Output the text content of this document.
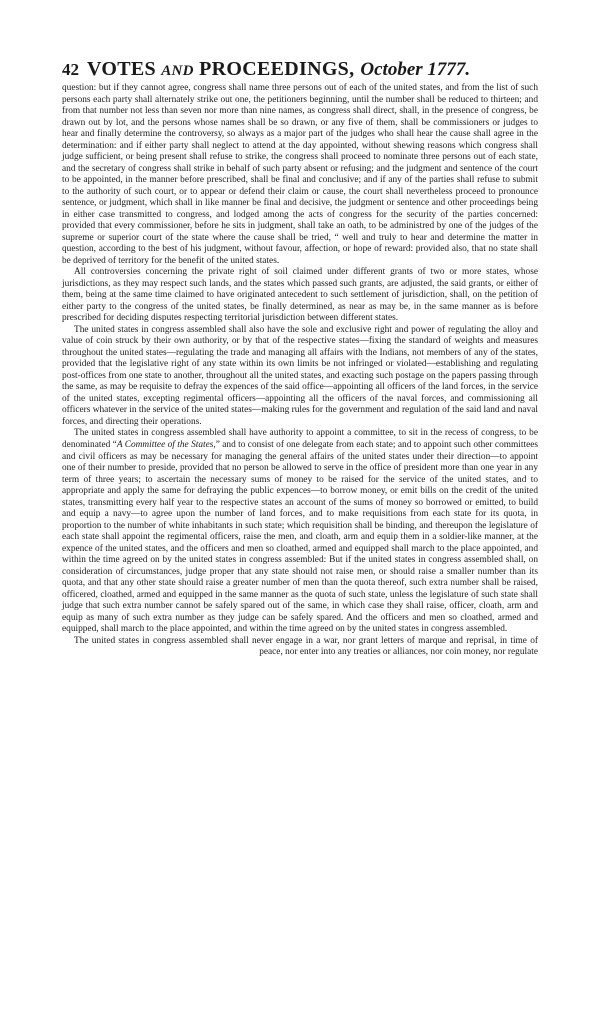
42 VOTES AND PROCEEDINGS, October 1777.

question: but if they cannot agree, congress shall name three persons out of each of the united states, and from the list of such persons each party shall alternately strike out one, the petitioners beginning, until the number shall be reduced to thirteen; and from that number not less than seven nor more than nine names, as congress shall direct, shall, in the presence of congress, be drawn out by lot, and the persons whose names shall be so drawn, or any five of them, shall be commissioners or judges to hear and finally determine the controversy, so always as a major part of the judges who shall hear the cause shall agree in the determination: and if either party shall neglect to attend at the day appointed, without shewing reasons which congress shall judge sufficient, or being present shall refuse to strike, the congress shall proceed to nominate three persons out of each state, and the secretary of congress shall strike in behalf of such party absent or refusing; and the judgment and sentence of the court to be appointed, in the manner before prescribed, shall be final and conclusive; and if any of the parties shall refuse to submit to the authority of such court, or to appear or defend their claim or cause, the court shall nevertheless proceed to pronounce sentence, or judgment, which shall in like manner be final and decisive, the judgment or sentence and other proceedings being in either case transmitted to congress, and lodged among the acts of congress for the security of the parties concerned: provided that every commissioner, before he sits in judgment, shall take an oath, to be administred by one of the judges of the supreme or superior court of the state where the cause shall be tried, “ well and truly to hear and determine the matter in question, according to the best of his judgment, without favour, affection, or hope of reward: provided also, that no state shall be deprived of territory for the benefit of the united states.

All controversies concerning the private right of soil claimed under different grants of two or more states, whose jurisdictions, as they may respect such lands, and the states which passed such grants, are adjusted, the said grants, or either of them, being at the same time claimed to have originated antecedent to such settlement of jurisdiction, shall, on the petition of either party to the congress of the united states, be finally determined, as near as may be, in the same manner as is before prescribed for deciding disputes respecting territorial jurisdiction between different states.

The united states in congress assembled shall also have the sole and exclusive right and power of regulating the alloy and value of coin struck by their own authority, or by that of the respective states—fixing the standard of weights and measures throughout the united states—regulating the trade and managing all affairs with the Indians, not members of any of the states, provided that the legislative right of any state within its own limits be not infringed or violated—establishing and regulating post-offices from one state to another, throughout all the united states, and exacting such postage on the papers passing through the same, as may be requisite to defray the expences of the said office—appointing all officers of the land forces, in the service of the united states, excepting regimental officers—appointing all the officers of the naval forces, and commissioning all officers whatever in the service of the united states—making rules for the government and regulation of the said land and naval forces, and directing their operations.

The united states in congress assembled shall have authority to appoint a committee, to sit in the recess of congress, to be denominated “A Committee of the States,” and to consist of one delegate from each state; and to appoint such other committees and civil officers as may be necessary for managing the general affairs of the united states under their direction—to appoint one of their number to preside, provided that no person be allowed to serve in the office of president more than one year in any term of three years; to ascertain the necessary sums of money to be raised for the service of the united states, and to appropriate and apply the same for defraying the public expences—to borrow money, or emit bills on the credit of the united states, transmitting every half year to the respective states an account of the sums of money so borrowed or emitted, to build and equip a navy—to agree upon the number of land forces, and to make requisitions from each state for its quota, in proportion to the number of white inhabitants in such state; which requisition shall be binding, and thereupon the legislature of each state shall appoint the regimental officers, raise the men, and cloath, arm and equip them in a soldier-like manner, at the expence of the united states, and the officers and men so cloathed, armed and equipped shall march to the place appointed, and within the time agreed on by the united states in congress assembled: But if the united states in congress assembled shall, on consideration of circumstances, judge proper that any state should not raise men, or should raise a smaller number than its quota, and that any other state should raise a greater number of men than the quota thereof, such extra number shall be raised, officered, cloathed, armed and equipped in the same manner as the quota of such state, unless the legislature of such state shall judge that such extra number cannot be safely spared out of the same, in which case they shall raise, officer, cloath, arm and equip as many of such extra number as they judge can be safely spared. And the officers and men so cloathed, armed and equipped, shall march to the place appointed, and within the time agreed on by the united states in congress assembled.

The united states in congress assembled shall never engage in a war, nor grant letters of marque and reprisal, in time of peace, nor enter into any treaties or alliances, nor coin money, nor regulate
